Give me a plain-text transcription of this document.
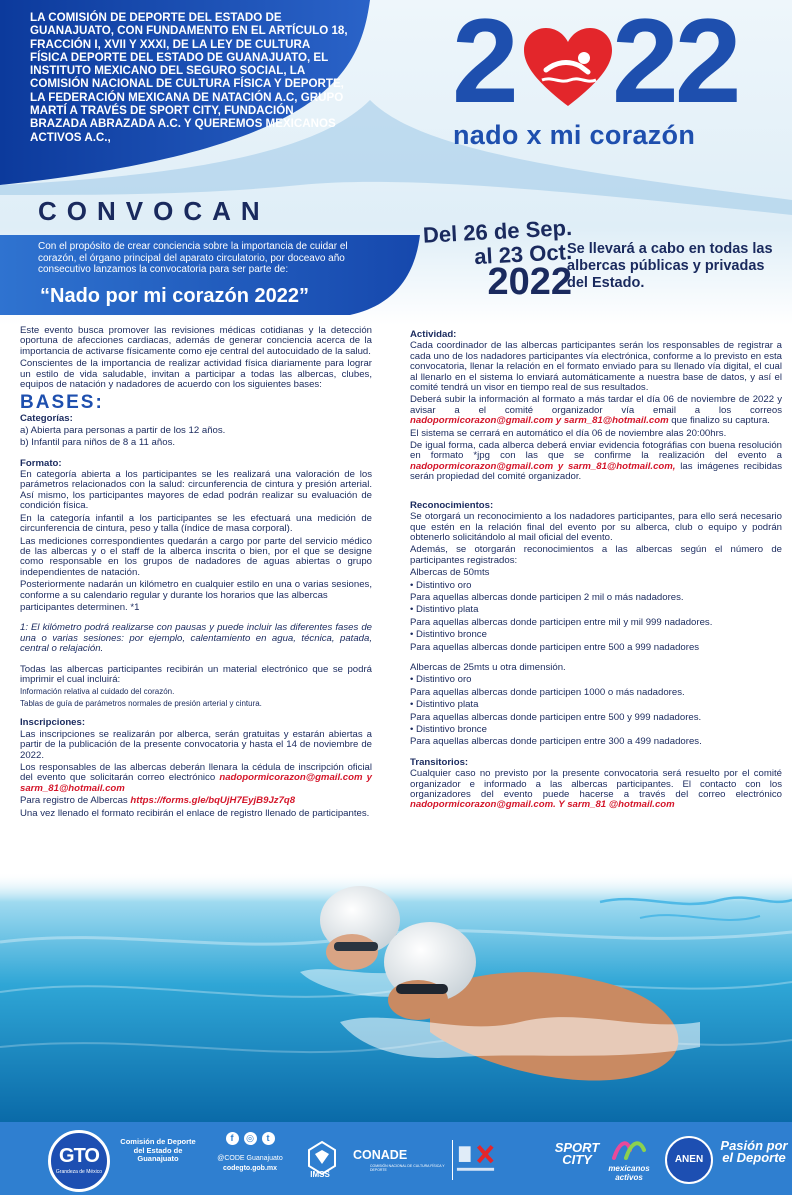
LA COMISIÓN DE DEPORTE DEL ESTADO DE GUANAJUATO, CON FUNDAMENTO EN EL ARTÍCULO 18, FRACCIÓN I, XVII Y XXXI, DE LA LEY DE CULTURA FÍSICA DEPORTE DEL ESTADO DE GUANAJUATO, EL INSTITUTO MEXICANO DEL SEGURO SOCIAL, LA COMISIÓN NACIONAL DE CULTURA FÍSICA Y DEPORTE, LA FEDERACIÓN MEXICANA DE NATACIÓN A.C, GRUPO MARTÍ A TRAVÉS DE SPORT CITY, FUNDACIÓN BRAZADA ABRAZADA A.C. Y QUEREMOS MEXICANOS ACTIVOS A.C.,
2 22
nado x mi corazón
CONVOCAN
Con el propósito de crear conciencia sobre la importancia de cuidar el corazón, el órgano principal del aparato circulatorio, por doceavo año consecutivo lanzamos la convocatoria para ser parte de:
“Nado por mi corazón 2022”
Del 26 de Sep.
al 23 Oct.
2022
Se llevará a cabo en todas las albercas públicas y privadas del Estado.

Este evento busca promover las revisiones médicas cotidianas y la detección oportuna de afecciones cardiacas, además de generar conciencia acerca de la importancia de activarse físicamente como eje central del autocuidado de la salud.

Conscientes de la importancia de realizar actividad física diariamente para lograr un estilo de vida saludable, invitan a participar a todas las albercas, clubes, equipos de natación y nadadores de acuerdo con los siguientes bases:

BASES:
Categorías:

a) Abierta para personas a partir de los 12 años.

b) Infantil para niños de 8 a 11 años.

Formato:

En categoría abierta a los participantes se les realizará una valoración de los parámetros relacionados con la salud: circunferencia de cintura y presión arterial. Así mismo, los participantes mayores de edad podrán realizar su evaluación de condición física.

En la categoría infantil a los participantes se les efectuará una medición de circunferencia de cintura, peso y talla (índice de masa corporal).

Las mediciones correspondientes quedarán a cargo por parte del servicio médico de las albercas y o el staff de la alberca inscrita o bien, por el que se designe como responsable en los grupos de nadadores de aguas abiertas o grupo independientes de natación.

Posteriormente nadarán un kilómetro en cualquier estilo en una o varias sesiones, conforme a su calendario regular y durante los horarios que las albercas

participantes determinen. *1

1: El kilómetro podrá realizarse con pausas y puede incluir las diferentes fases de una o varias sesiones: por ejemplo, calentamiento en agua, técnica, patada, central o relajación.

Todas las albercas participantes recibirán un material electrónico que se podrá imprimir el cual incluirá:

Información relativa al cuidado del corazón.

Tablas de guía de parámetros normales de presión arterial y cintura.

Inscripciones:

Las inscripciones se realizarán por alberca, serán gratuitas y estarán abiertas a partir de la publicación de la presente convocatoria y hasta el 14 de noviembre de 2022.

Los responsables de las albercas deberán llenara la cédula de inscripción oficial del evento que solicitarán correo electrónico nadopormicorazon@gmail.com y sarm_81@hotmail.com

Para registro de Albercas https://forms.gle/bqUjH7EyjB9Jz7q8

Una vez llenado el formato recibirán el enlace de registro llenado de participantes.

Actividad:

Cada coordinador de las albercas participantes serán los responsables de registrar a cada uno de los nadadores participantes vía electrónica, conforme a lo previsto en esta convocatoria, llenar la relación en el formato enviado para su llenado vía digital, el cual al llenarlo en el sistema lo enviará automáticamente a nuestra base de datos, y así el comité tendrá un visor en tiempo real de sus resultados.

Deberá subir la información al formato a más tardar el día 06 de noviembre de 2022 y avisar a el comité organizador vía email a los correos nadopormicorazon@gmail.com y sarm_81@hotmail.com que finalizo su captura.

El sistema se cerrará en automático el día 06 de noviembre alas 20:00hrs.

De igual forma, cada alberca deberá enviar evidencia fotográfias con buena resolución en formato *jpg con las que se confirme la realización del evento a nadopormicorazon@gmail.com y sarm_81@hotmail.com, las imágenes recibidas serán propiedad del comité organizador.

Reconocimientos:

Se otorgará un reconocimiento a los nadadores participantes, para ello será necesario que estén en la relación final del evento por su alberca, club o equipo y podrán obtenerlo solicitándolo al mail oficial del evento.

Además, se otorgarán reconocimientos a las albercas según el número de participantes registrados:

Albercas de 50mts

• Distintivo oro

Para aquellas albercas donde participen 2 mil o más nadadores.

• Distintivo plata

Para aquellas albercas donde participen entre mil y mil 999 nadadores.

• Distintivo bronce

Para aquellas albercas donde participen entre 500 a 999 nadadores

Albercas de 25mts u otra dimensión.

• Distintivo oro

Para aquellas albercas donde participen 1000 o más nadadores.

• Distintivo plata

Para aquellas albercas donde participen entre 500 y 999 nadadores.

• Distintivo bronce

Para aquellas albercas donde participen entre 300 a 499 nadadores.

Transitorios:

Cualquier caso no previsto por la presente convocatoria será resuelto por el comité organizador e informado a las albercas participantes. El contacto con los organizadores del evento puede hacerse a través del correo electrónico nadopormicorazon@gmail.com. Y sarm_81 @hotmail.com

GTO
Grandeza de México
Comisión de Deporte del Estado de Guanajuato
f	◎	t
@CODE Guanajuato
codegto.gob.mx
IMSS
CONADE
COMISIÓN NACIONAL DE CULTURA FÍSICA Y DEPORTE
SPORT CITY
mexicanos activos
ANEN
Pasión por el Deporte
